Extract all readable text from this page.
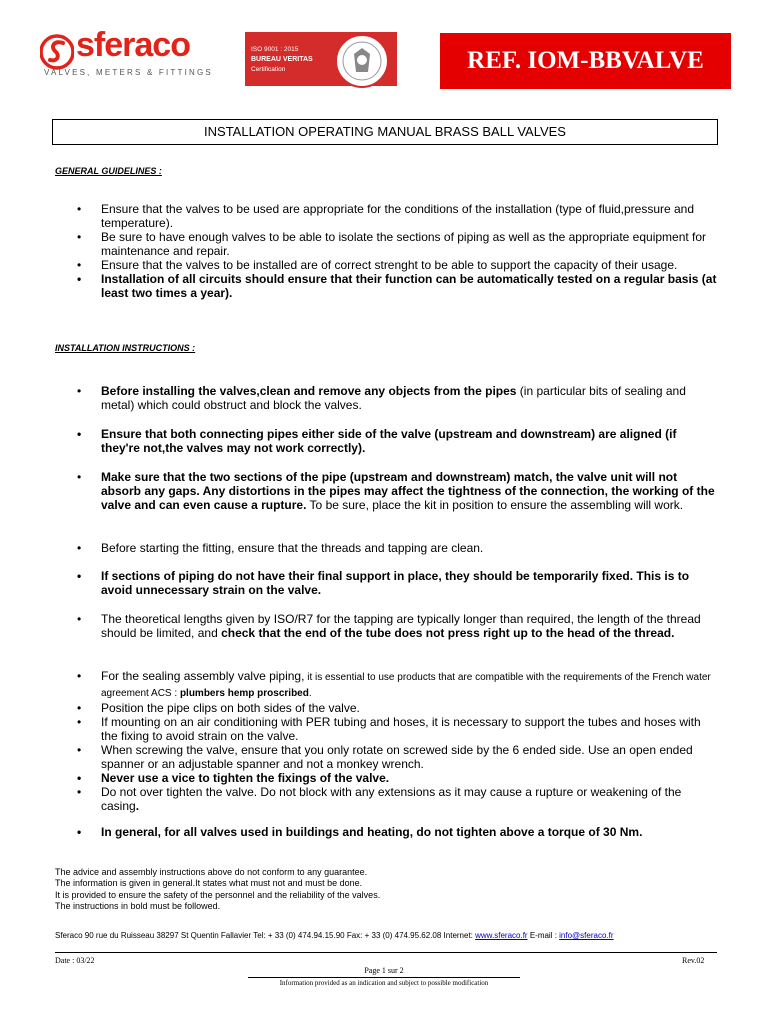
sferaco
VALVES, METERS & FITTINGS
ISO 9001 : 2015
BUREAU VERITAS
Certification	REF. IOM-BBVALVE
INSTALLATION OPERATING MANUAL BRASS BALL VALVES
GENERAL GUIDELINES :
• Ensure that the valves to be used are appropriate for the conditions of the installation (type of fluid,pressure and temperature).
• Be sure to have enough valves to be able to isolate the sections of piping as well as the appropriate equipment for maintenance and repair.
• Ensure that the valves to be installed are of correct strenght to be able to support the capacity of their usage.
• Installation of all circuits should ensure that their function can be automatically tested on a regular basis (at least two times a year).
INSTALLATION INSTRUCTIONS :
• Before installing the valves,clean and remove any objects from the pipes (in particular bits of sealing and metal) which could obstruct and block the valves.
• Ensure that both connecting pipes either side of the valve (upstream and downstream) are aligned (if they're not,the valves may not work correctly).
• Make sure that the two sections of the pipe (upstream and downstream) match, the valve unit will not absorb any gaps. Any distortions in the pipes may affect the tightness of the connection, the working of the valve and can even cause a rupture. To be sure, place the kit in position to ensure the assembling will work.
• Before starting the fitting, ensure that the threads and tapping are clean.
• If sections of piping do not have their final support in place, they should be temporarily fixed. This is to avoid unnecessary strain on the valve.
• The theoretical lengths given by ISO/R7 for the tapping are typically longer than required, the length of the thread should be limited, and check that the end of the tube does not press right up to the head of the thread.
• For the sealing assembly valve piping, it is essential to use products that are compatible with the requirements of the French water agreement ACS : plumbers hemp proscribed.
• Position the pipe clips on both sides of the valve.
• If mounting on an air conditioning with PER tubing and hoses, it is necessary to support the tubes and hoses with the fixing to avoid strain on the valve.
• When screwing the valve, ensure that you only rotate on screwed side by the 6 ended side. Use an open ended spanner or an adjustable spanner and not a monkey wrench.
• Never use a vice to tighten the fixings of the valve.
• Do not over tighten the valve. Do not block with any extensions as it may cause a rupture or weakening of the casing.
• In general, for all valves used in buildings and heating, do not tighten above a torque of 30 Nm.
The advice and assembly instructions above do not conform to any guarantee.
The information is given in general.It states what must not and must be done.
It is provided to ensure the safety of the personnel and the reliability of the valves.
The instructions in bold must be followed.
Sferaco 90 rue du Ruisseau 38297 St Quentin Fallavier Tel: + 33 (0) 474.94.15.90 Fax: + 33 (0) 474.95.62.08 Internet: www.sferaco.fr E-mail : info@sferaco.fr
Date : 03/22	Rev.02
Page 1 sur 2
Information provided as an indication and subject to possible modification
